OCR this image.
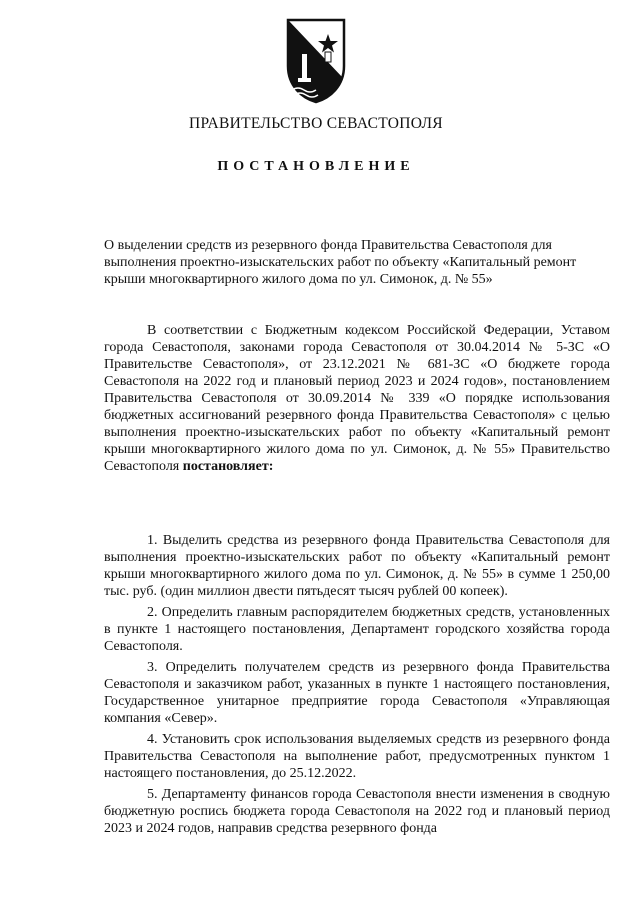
ПРАВИТЕЛЬСТВО СЕВАСТОПОЛЯ
ПОСТАНОВЛЕНИЕ
О выделении средств из резервного фонда Правительства Севастополя для выполнения проектно-изыскательских работ по объекту «Капитальный ремонт крыши многоквартирного жилого дома по ул. Симонок, д. № 55»
В соответствии с Бюджетным кодексом Российской Федерации, Уставом города Севастополя, законами города Севастополя от 30.04.2014 № 5-ЗС «О Правительстве Севастополя», от 23.12.2021 № 681-ЗС «О бюджете города Севастополя на 2022 год и плановый период 2023 и 2024 годов», постановлением Правительства Севастополя от 30.09.2014 № 339 «О порядке использования бюджетных ассигнований резервного фонда Правительства Севастополя» с целью выполнения проектно-изыскательских работ по объекту «Капитальный ремонт крыши многоквартирного жилого дома по ул. Симонок, д. № 55» Правительство Севастополя постановляет:

1. Выделить средства из резервного фонда Правительства Севастополя для выполнения проектно-изыскательских работ по объекту «Капитальный ремонт крыши многоквартирного жилого дома по ул. Симонок, д. № 55» в сумме 1 250,00 тыс. руб. (один миллион двести пятьдесят тысяч рублей 00 копеек).

2. Определить главным распорядителем бюджетных средств, установленных в пункте 1 настоящего постановления, Департамент городского хозяйства города Севастополя.

3. Определить получателем средств из резервного фонда Правительства Севастополя и заказчиком работ, указанных в пункте 1 настоящего постановления, Государственное унитарное предприятие города Севастополя «Управляющая компания «Север».

4. Установить срок использования выделяемых средств из резервного фонда Правительства Севастополя на выполнение работ, предусмотренных пунктом 1 настоящего постановления, до 25.12.2022.

5. Департаменту финансов города Севастополя внести изменения в сводную бюджетную роспись бюджета города Севастополя на 2022 год и плановый период 2023 и 2024 годов, направив средства резервного фонда
